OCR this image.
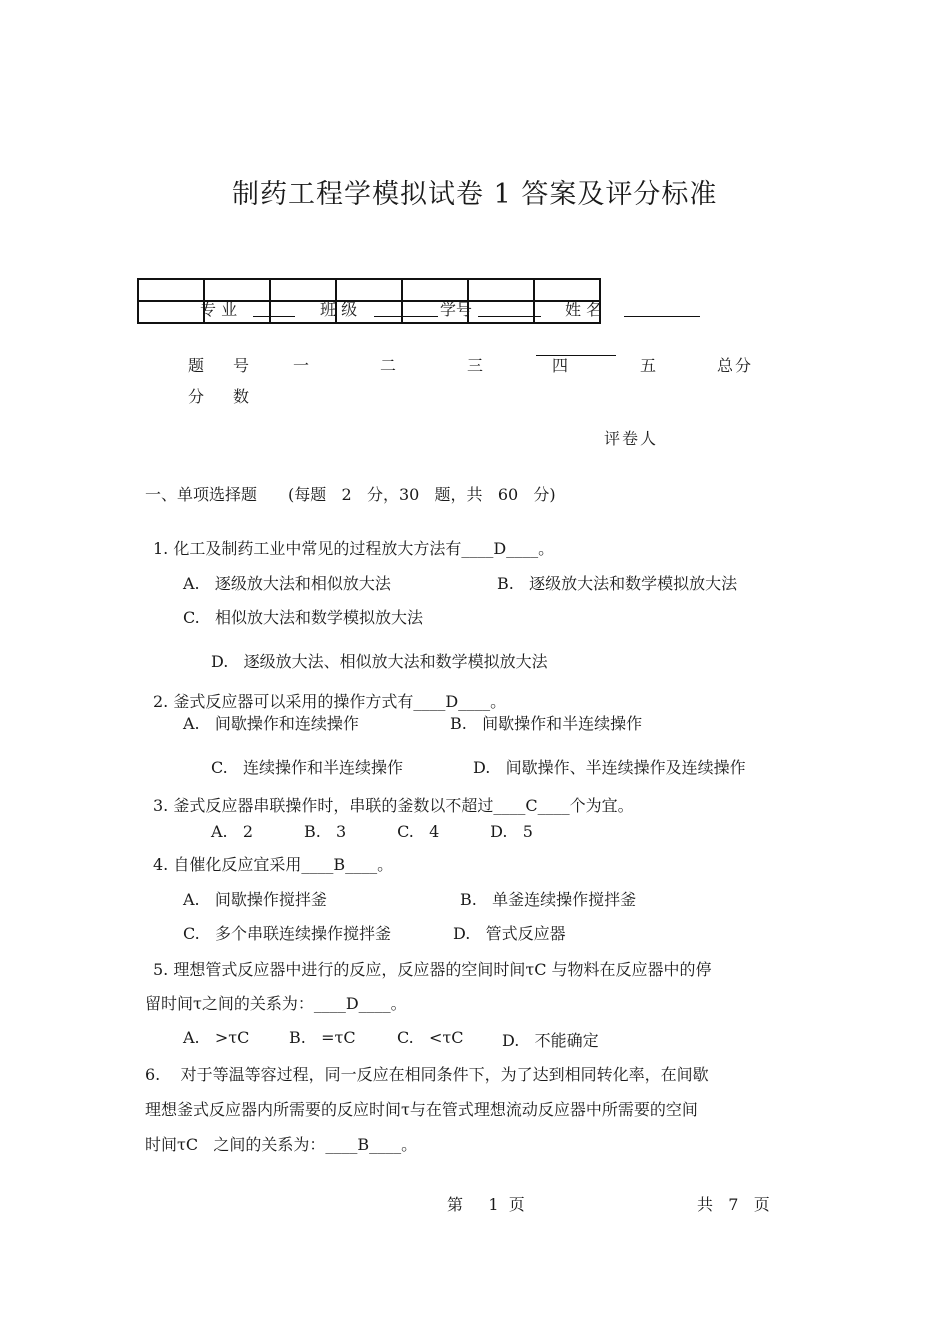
制药工程学模拟试卷 1 答案及评分标准

专 业	班 级	学号	姓 名
题 号	一	二	三	四	五	总分
分 数
评卷人
一、单项选择题 (每题   2   分，30   题，共   60   分)
1. 化工及制药工业中常见的过程放大方法有____D____。
A.   逐级放大法和相似放大法	B.   逐级放大法和数学模拟放大法
C.   相似放大法和数学模拟放大法
D.   逐级放大法、相似放大法和数学模拟放大法
2. 釜式反应器可以采用的操作方式有____D____。
A.   间歇操作和连续操作	B.   间歇操作和半连续操作
C.   连续操作和半连续操作	D.   间歇操作、半连续操作及连续操作
3. 釜式反应器串联操作时，串联的釜数以不超过____C____个为宜。
A.   2          B.   3          C.   4          D.   5
4. 自催化反应宜采用____B____。
A.   间歇操作搅拌釜	B.   单釜连续操作搅拌釜
C.   多个串联连续操作搅拌釜	D.   管式反应器
5. 理想管式反应器中进行的反应，反应器的空间时间τC 与物料在反应器中的停
留时间τ之间的关系为：____D____。
A.   >τC B.   =τC	C.   <τC D.   不能确定
6.    对于等温等容过程，同一反应在相同条件下，为了达到相同转化率，在间歇
理想釜式反应器内所需要的反应时间τ与在管式理想流动反应器中所需要的空间
时间τC   之间的关系为：____B____。
第     1  页	共   7   页
